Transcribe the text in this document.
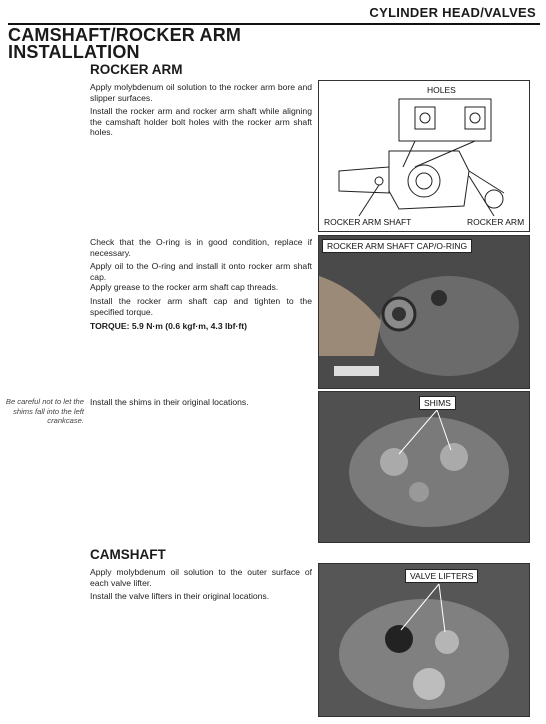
CYLINDER HEAD/VALVES
CAMSHAFT/ROCKER ARM INSTALLATION
ROCKER ARM
Apply molybdenum oil solution to the rocker arm bore and slipper surfaces.
Install the rocker arm and rocker arm shaft while aligning the camshaft holder bolt holes with the rocker arm shaft holes.
HOLES
ROCKER ARM SHAFT	ROCKER ARM
Check that the O-ring is in good condition, replace if necessary.
Apply oil to the O-ring and install it onto rocker arm shaft cap.
Apply grease to the rocker arm shaft cap threads.
Install the rocker arm shaft cap and tighten to the specified torque.
TORQUE: 5.9 N·m (0.6 kgf·m, 4.3 lbf·ft)
ROCKER ARM SHAFT CAP/O-RING
Be careful not to let the shims fall into the left crankcase.
Install the shims in their original locations.	SHIMS
CAMSHAFT
Apply molybdenum oil solution to the outer surface of each valve lifter.
Install the valve lifters in their original locations.
VALVE LIFTERS
